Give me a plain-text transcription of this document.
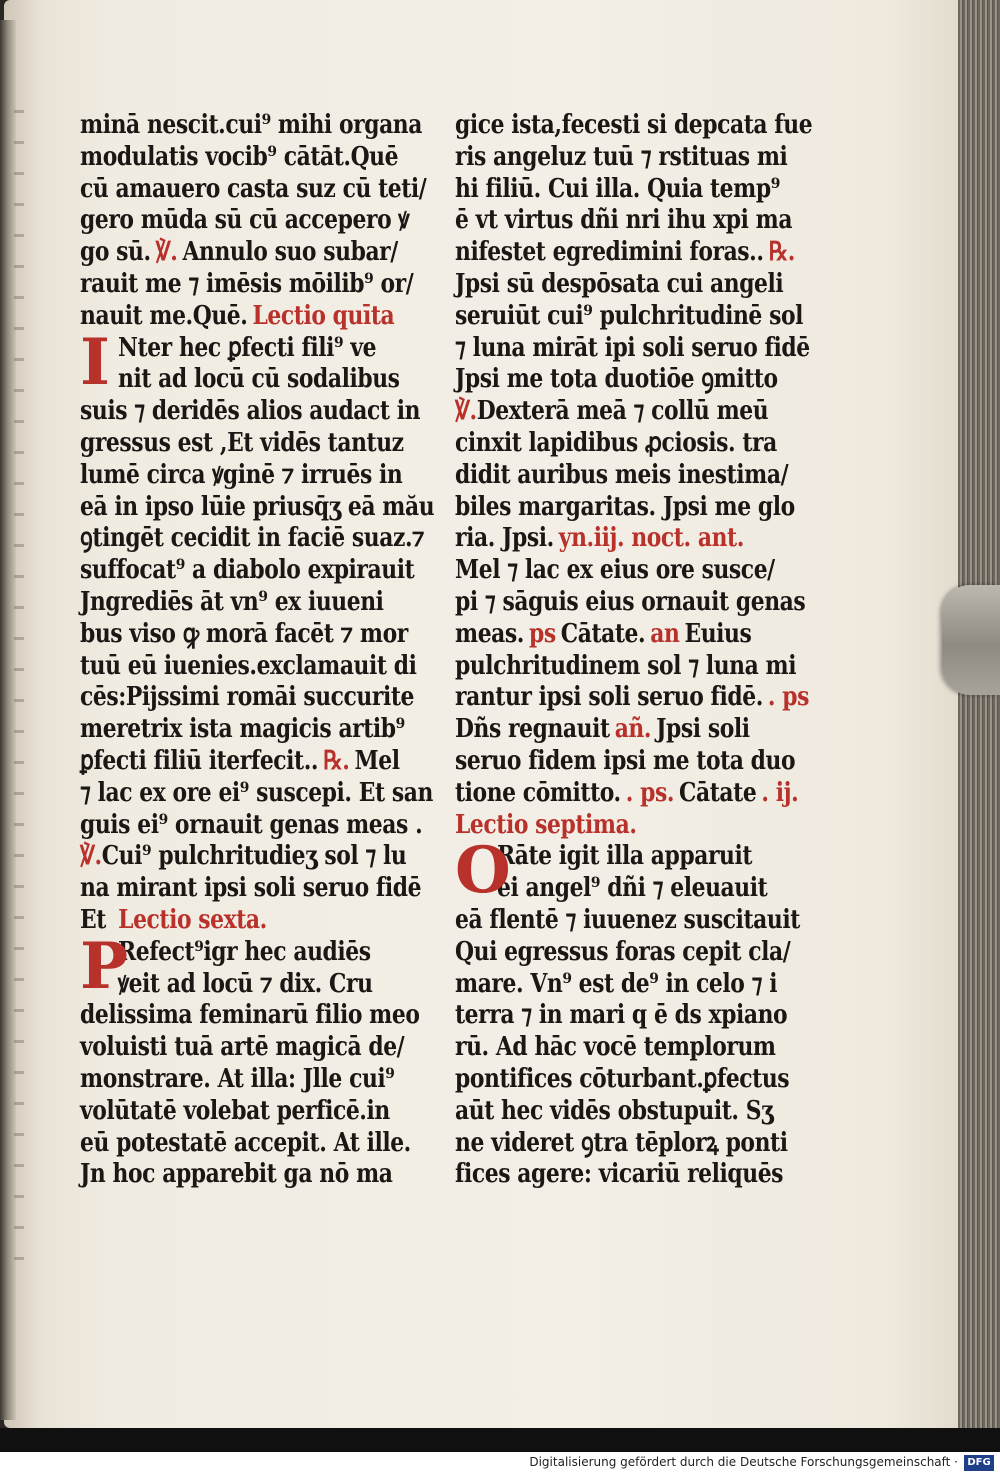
minā nescit.cui⁹ mihi organa
modulatis vocib⁹ cātāt.Quē
cū amauero casta suz cū teti/
gero mūda sū cū accepero ꝟ
go sū. ℣. Annulo suo subar/
rauit me ⁊ imēsis mōilib⁹ or/
nauit me.Quē. Lectio quīta
Nter hec ꝑfecti fili⁹ ve
nit ad locū cū sodalibus
suis ⁊ deridēs alios audact in
gressus est ,Et vidēs tantuz
lumē circa ꝟginē ⁊ irruēs in
eā in ipso lūie priusq̄ʒ eā mău
ꝯtingēt cecidit in faciē suaz.⁊
suffocat⁹ a diabolo expirauit
Jngrediēs āt vn⁹ ex iuueni
bus viso ꝙ morā facēt ⁊ mor
tuū eū iuenies.exclamauit di
cēs:Pijssimi romāi succurite
meretrix ista magicis artib⁹
ꝑfecti filiū iterfecit.. ℞. Mel
⁊ lac ex ore ei⁹ suscepi. Et san
guis ei⁹ ornauit genas meas .
℣.Cui⁹ pulchritudieʒ sol ⁊ lu
na mirant ipsi soli seruo fidē
Et Lectio sexta.
Refect⁹igr hec audiēs
ꝟeit ad locū ⁊ dix. Cru
delissima feminarū filio meo
voluisti tuā artē magicā de/
monstrare. At illa: Jlle cui⁹
volūtatē volebat perficē.in
eū potestatē accepit. At ille.
Jn hoc apparebit ga nō ma
I
P
gice ista,fecesti si depcata fue
ris angeluz tuū ⁊ rstituas mi
hi filiū. Cui illa. Quia temp⁹
ē vt virtus dñi nri ihu xpi ma
nifestet egredimini foras.. ℞.
Jpsi sū despōsata cui angeli
seruiūt cui⁹ pulchritudinē sol
⁊ luna mirāt ipi soli seruo fidē
Jpsi me tota duotiōe ꝯmitto
℣.Dexterā meā ⁊ collū meū
cinxit lapidibus ꝓciosis. tra
didit auribus meis inestima/
biles margaritas. Jpsi me glo
ria. Jpsi. yn.iij. noct. ant.
Mel ⁊ lac ex eius ore susce/
pi ⁊ sāguis eius ornauit genas
meas. ps Cātate. an Euius
pulchritudinem sol ⁊ luna mi
rantur ipsi soli seruo fidē. . ps
Dñs regnauit añ. Jpsi soli
seruo fidem ipsi me tota duo
tione cōmitto. . ps. Cātate . ij.
Lectio septima.
Rāte igit illa apparuit
ei angel⁹ dñi ⁊ eleuauit
eā flentē ⁊ iuuenez suscitauit
Qui egressus foras cepit cla/
mare. Vn⁹ est de⁹ in celo ⁊ i
terra ⁊ in mari q ē ds xpiano
rū. Ad hāc vocē templorum
pontifices cōturbant.ꝑfectus
aūt hec vidēs obstupuit. Sʒ
ne videret ꝯtra tēplorꝝ ponti
fices agere: vicariū reliquēs
O
Digitalisierung gefördert durch die Deutsche Forschungsgemeinschaft · DFG
